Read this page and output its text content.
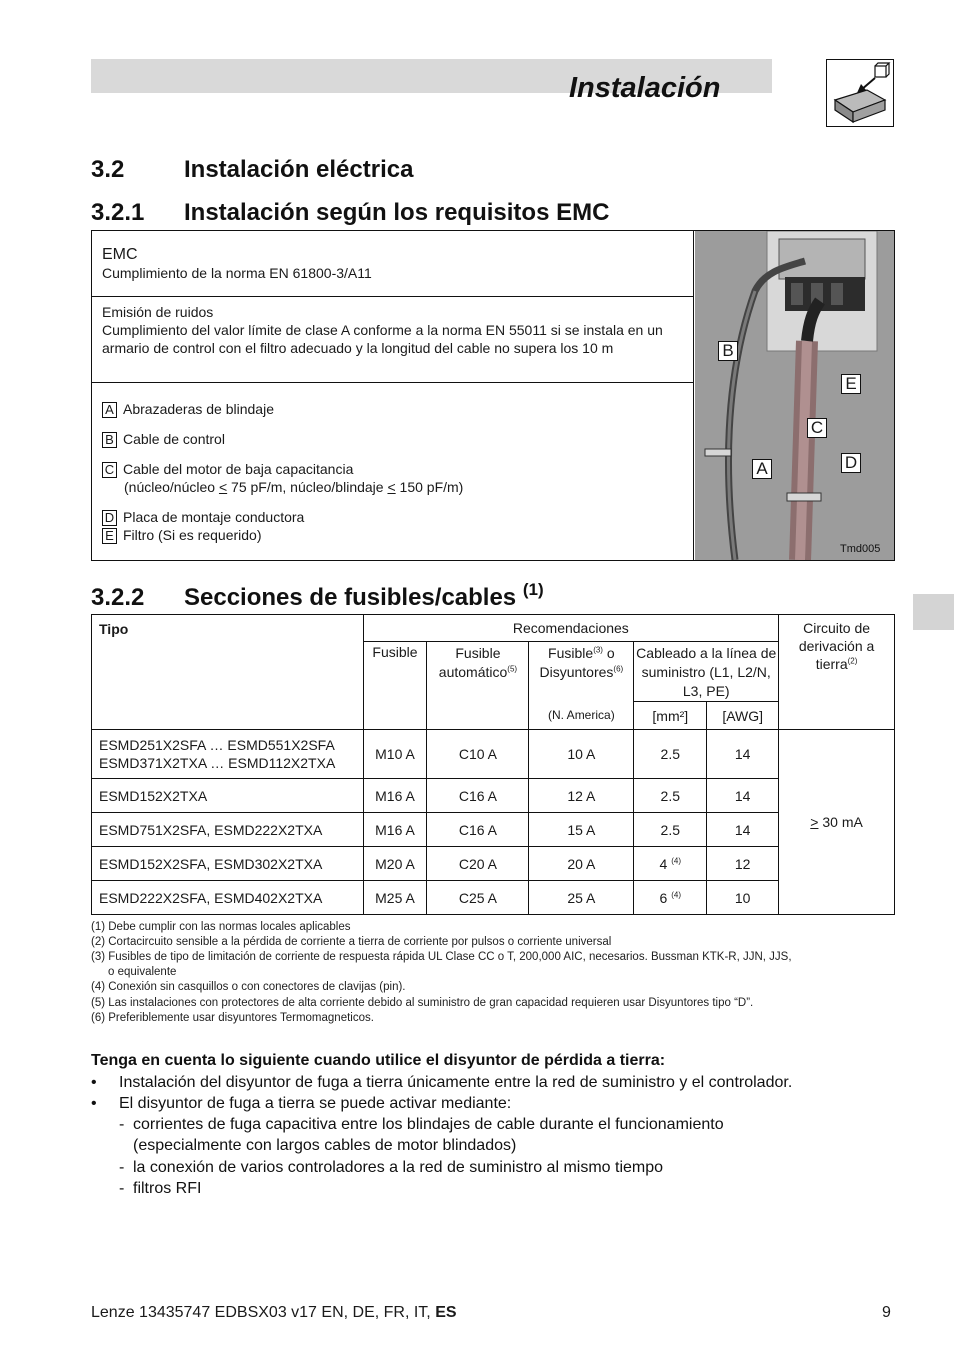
Instalación
3.2 Instalación eléctrica
3.2.1 Instalación según los requisitos EMC
EMC
Cumplimiento de la norma EN 61800-3/A11
Emisión de ruidos
Cumplimiento del valor límite de clase A conforme a la norma EN 55011 si se instala en un armario de control con el filtro adecuado y la longitud del cable no supera los 10 m
A Abrazaderas de blindaje
B Cable de control
C Cable del motor de baja capacitancia
(núcleo/núcleo < 75 pF/m, núcleo/blindaje < 150 pF/m)
D Placa de montaje conductora
E Filtro (Si es requerido)
B
E
C
A	D
Tmd005
3.2.2 Secciones de fusibles/cables $^{(1)}$
Tipo	Recomendaciones					Circuito de derivación a tierra$^{(2)}$
	Fusible	Fusible automático$^{(5)}$	Fusible$^{(3)}$ o Disyuntores$^{(6)}$	Cableado a la línea de suministro (L1, L2/N, L3, PE)		
			(N. America)	[mm²]	[AWG]	

ESMD251X2SFA … ESMD551X2SFA
ESMD371X2TXA … ESMD112X2TXA	M10 A	C10 A	10 A	2.5	14	> 30 mA
ESMD152X2TXA	M16 A	C16 A	12 A	2.5	14	
ESMD751X2SFA, ESMD222X2TXA	M16 A	C16 A	15 A	2.5	14	
ESMD152X2SFA, ESMD302X2TXA	M20 A	C20 A	20 A	4 $^{(4)}$	12	
ESMD222X2SFA, ESMD402X2TXA	M25 A	C25 A	25 A	6 $^{(4)}$	10	
(1) Debe cumplir con las normas locales aplicables
(2) Cortacircuito sensible a la pérdida de corriente a tierra de corriente por pulsos o corriente universal
(3) Fusibles de tipo de limitación de corriente de respuesta rápida UL Clase CC o T, 200,000 AIC, necesarios. Bussman KTK-R, JJN, JJS,
o equivalente
(4) Conexión sin casquillos o con conectores de clavijas (pin).
(5) Las instalaciones con protectores de alta corriente debido al suministro de gran capacidad requieren usar Disyuntores tipo “D”.
(6) Preferiblemente usar disyuntores Termomagneticos.
Tenga en cuenta lo siguiente cuando utilice el disyuntor de pérdida a tierra:
• Instalación del disyuntor de fuga a tierra únicamente entre la red de suministro y el controlador.
• El disyuntor de fuga a tierra se puede activar mediante:
- corrientes de fuga capacitiva entre los blindajes de cable durante el funcionamiento
(especialmente con largos cables de motor blindados)
- la conexión de varios controladores a la red de suministro al mismo tiempo
- filtros RFI
Lenze 13435747 EDBSX03 v17 EN, DE, FR, IT, ES	9
